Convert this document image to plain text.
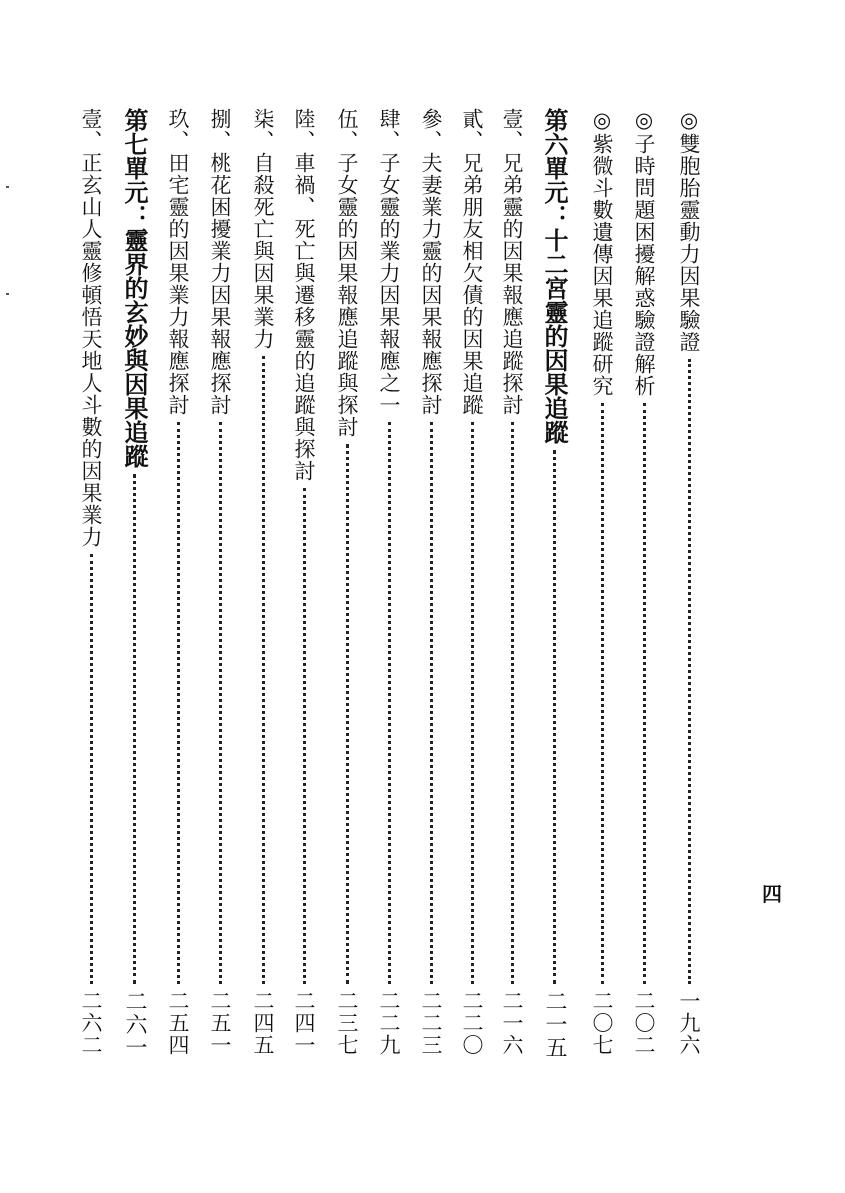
◎雙胞胎靈動力因果驗證
一九六
◎子時問題困擾解惑驗證解析
二〇二
◎紫微斗數遺傳因果追蹤研究
二〇七
第六單元：十二宮靈的因果追蹤
二一五
壹、兄弟靈的因果報應追蹤探討
二一六
貳、兄弟朋友相欠債的因果追蹤
二二〇
參、夫妻業力靈的因果報應探討
二二三
肆、子女靈的業力因果報應之一
二二九
伍、子女靈的因果報應追蹤與探討
二三七
陸、車禍、死亡與遷移靈的追蹤與探討
二四一
柒、自殺死亡與因果業力
二四五
捌、桃花困擾業力因果報應探討
二五一
玖、田宅靈的因果業力報應探討
二五四
第七單元：靈界的玄妙與因果追蹤
二六一
壹、正玄山人靈修頓悟天地人斗數的因果業力
二六二
四
